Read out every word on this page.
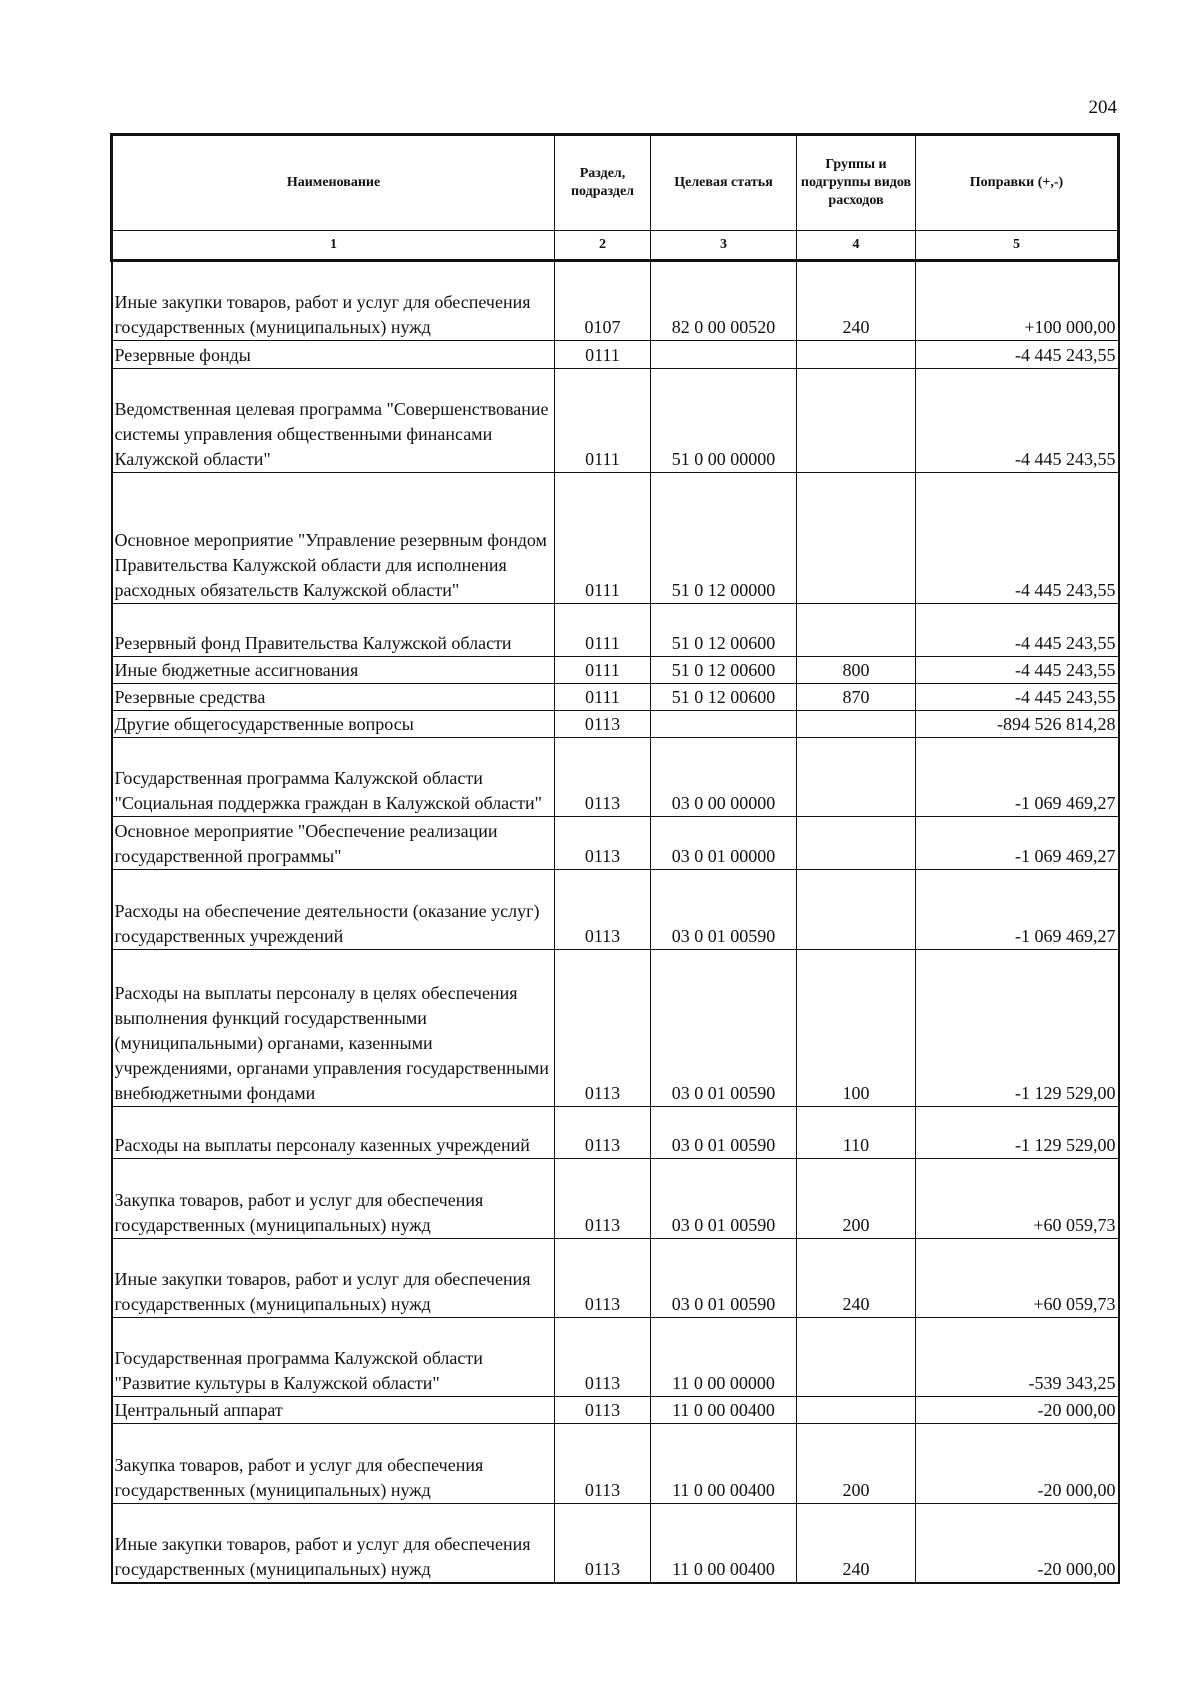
204
Наименование	Раздел, подраздел	Целевая статья	Группы и подгруппы видов расходов	Поправки (+,-)
1	2	3	4	5
Иные закупки товаров, работ и услуг для обеспечения государственных (муниципальных) нужд	0107	82 0 00 00520	240	+100 000,00
Резервные фонды	0111			-4 445 243,55
Ведомственная целевая программа "Совершенствование системы управления общественными финансами Калужской области"	0111	51 0 00 00000		-4 445 243,55
Основное мероприятие "Управление резервным фондом Правительства Калужской области для исполнения расходных обязательств Калужской области"	0111	51 0 12 00000		-4 445 243,55
Резервный фонд Правительства Калужской области	0111	51 0 12 00600		-4 445 243,55
Иные бюджетные ассигнования	0111	51 0 12 00600	800	-4 445 243,55
Резервные средства	0111	51 0 12 00600	870	-4 445 243,55
Другие общегосударственные вопросы	0113			-894 526 814,28
Государственная программа Калужской области "Социальная поддержка граждан в Калужской области"	0113	03 0 00 00000		-1 069 469,27
Основное мероприятие "Обеспечение реализации государственной программы"	0113	03 0 01 00000		-1 069 469,27
Расходы на обеспечение деятельности (оказание услуг) государственных учреждений	0113	03 0 01 00590		-1 069 469,27
Расходы на выплаты персоналу в целях обеспечения выполнения функций государственными (муниципальными) органами, казенными учреждениями, органами управления государственными внебюджетными фондами	0113	03 0 01 00590	100	-1 129 529,00
Расходы на выплаты персоналу казенных учреждений	0113	03 0 01 00590	110	-1 129 529,00
Закупка товаров, работ и услуг для обеспечения государственных (муниципальных) нужд	0113	03 0 01 00590	200	+60 059,73
Иные закупки товаров, работ и услуг для обеспечения государственных (муниципальных) нужд	0113	03 0 01 00590	240	+60 059,73
Государственная программа Калужской области "Развитие культуры в Калужской области"	0113	11 0 00 00000		-539 343,25
Центральный аппарат	0113	11 0 00 00400		-20 000,00
Закупка товаров, работ и услуг для обеспечения государственных (муниципальных) нужд	0113	11 0 00 00400	200	-20 000,00
Иные закупки товаров, работ и услуг для обеспечения государственных (муниципальных) нужд	0113	11 0 00 00400	240	-20 000,00
